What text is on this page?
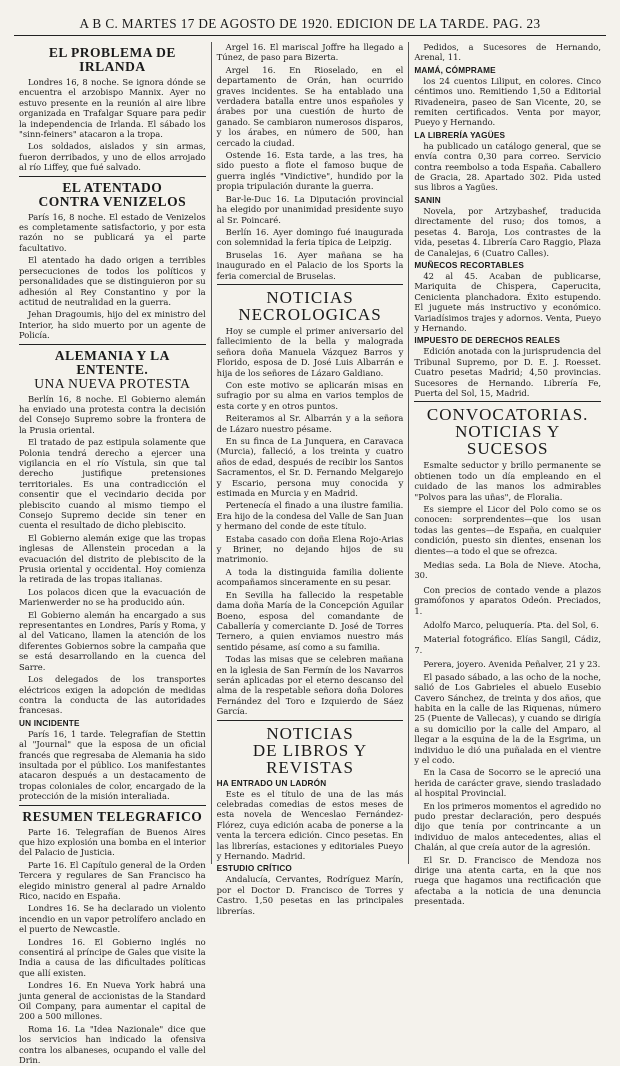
A B C. MARTES 17 DE AGOSTO DE 1920. EDICION DE LA TARDE. PAG. 23
EL PROBLEMA DE IRLANDA

Londres 16, 8 noche. Se ignora dónde se encuentra el arzobispo Mannix. Ayer no estuvo presente en la reunión al aire libre organizada en Trafalgar Square para pedir la independencia de Irlanda. El sábado los "sinn-feiners" atacaron a la tropa.

Los soldados, aislados y sin armas, fueron derribados, y uno de ellos arrojado al río Liffey, que fué salvado.

EL ATENTADO
CONTRA VENIZELOS

París 16, 8 noche. El estado de Venizelos es completamente satisfactorio, y por esta razón no se publicará ya el parte facultativo.

El atentado ha dado origen a terribles persecuciones de todos los políticos y personalidades que se distinguieron por su adhesión al Rey Constantino y por la actitud de neutralidad en la guerra.

Jehan Dragoumis, hijo del ex ministro del Interior, ha sido muerto por un agente de Policía.

ALEMANIA Y LA ENTENTE.
UNA NUEVA PROTESTA

Berlín 16, 8 noche. El Gobierno alemán ha enviado una protesta contra la decisión del Consejo Supremo sobre la frontera de la Prusia oriental.

El tratado de paz estipula solamente que Polonia tendrá derecho a ejercer una vigilancia en el río Vístula, sin que tal derecho justifique pretensiones territoriales. Es una contradicción el consentir que el vecindario decida por plebiscito cuando al mismo tiempo el Consejo Supremo decide sin tener en cuenta el resultado de dicho plebiscito.

El Gobierno alemán exige que las tropas inglesas de Allenstein procedan a la evacuación del distrito de plebiscito de la Prusia oriental y occidental. Hoy comienza la retirada de las tropas italianas.

Los polacos dicen que la evacuación de Marienwerder no se ha producido aún.

El Gobierno alemán ha encargado a sus representantes en Londres, París y Roma, y al del Vaticano, llamen la atención de los diferentes Gobiernos sobre la campaña que se está desarrollando en la cuenca del Sarre.

Los delegados de los transportes eléctricos exigen la adopción de medidas contra la conducta de las autoridades francesas.

UN INCIDENTE

París 16, 1 tarde. Telegrafían de Stettin al "Journal" que la esposa de un oficial francés que regresaba de Alemania ha sido insultada por el público. Los manifestantes atacaron después a un destacamento de tropas coloniales de color, encargado de la protección de la misión interaliada.

RESUMEN TELEGRAFICO

Parte 16. Telegrafían de Buenos Aires que hizo explosión una bomba en el interior del Palacio de Justicia.

Parte 16. El Capítulo general de la Orden Tercera y regulares de San Francisco ha elegido ministro general al padre Arnaldo Rico, nacido en España.

Londres 16. Se ha declarado un violento incendio en un vapor petrolífero anclado en el puerto de Newcastle.

Londres 16. El Gobierno inglés no consentirá al príncipe de Gales que visite la India a causa de las dificultades políticas que allí existen.

Londres 16. En Nueva York habrá una junta general de accionistas de la Standard Oil Company, para aumentar el capital de 200 a 500 millones.

Roma 16. La "Idea Nazionale" dice que los servicios han indicado la ofensiva contra los albaneses, ocupando el valle del Drin.

Argel 16. El mariscal Joffre ha llegado a Túnez, de paso para Bizerta.

Argel 16. En Rioselado, en el departamento de Orán, han ocurrido graves incidentes. Se ha entablado una verdadera batalla entre unos españoles y árabes por una cuestión de hurto de ganado. Se cambiaron numerosos disparos, y los árabes, en número de 500, han cercado la ciudad.

Ostende 16. Esta tarde, a las tres, ha sido puesto a flote el famoso buque de guerra inglés "Vindictive", hundido por la propia tripulación durante la guerra.

Bar-le-Duc 16. La Diputación provincial ha elegido por unanimidad presidente suyo al Sr. Poincaré.

Berlín 16. Ayer domingo fué inaugurada con solemnidad la feria típica de Leipzig.

Bruselas 16. Ayer mañana se ha inaugurado en el Palacio de los Sports la feria comercial de Bruselas.

NOTICIAS
NECROLOGICAS

Hoy se cumple el primer aniversario del fallecimiento de la bella y malograda señora doña Manuela Vázquez Barros y Florido, esposa de D. José Luis Albarrán e hija de los señores de Lázaro Galdiano.

Con este motivo se aplicarán misas en sufragio por su alma en varios templos de esta corte y en otros puntos.

Reiteramos al Sr. Albarrán y a la señora de Lázaro nuestro pésame.

En su finca de La Junquera, en Caravaca (Murcia), falleció, a los treinta y cuatro años de edad, después de recibir los Santos Sacramentos, el Sr. D. Fernando Melgarejo y Escario, persona muy conocida y estimada en Murcia y en Madrid.

Pertenecía el finado a una ilustre familia. Era hijo de la condesa del Valle de San Juan y hermano del conde de este título.

Estaba casado con doña Elena Rojo-Arias y Briner, no dejando hijos de su matrimonio.

A toda la distinguida familia doliente acompañamos sinceramente en su pesar.

En Sevilla ha fallecido la respetable dama doña María de la Concepción Aguilar Boeno, esposa del comandante de Caballería y comerciante D. José de Torres Ternero, a quien enviamos nuestro más sentido pésame, así como a su familia.

Todas las misas que se celebren mañana en la iglesia de San Fermín de los Navarros serán aplicadas por el eterno descanso del alma de la respetable señora doña Dolores Fernández del Toro e Izquierdo de Sáez García.

NOTICIAS
DE LIBROS Y REVISTAS
HA ENTRADO UN LADRÓN

Este es el título de una de las más celebradas comedias de estos meses de esta novela de Wenceslao Fernández-Flórez, cuya edición acaba de ponerse a la venta la tercera edición. Cinco pesetas. En las librerías, estaciones y editoriales Pueyo y Hernando. Madrid.

ESTUDIO CRÍTICO

Andalucía, Cervantes, Rodríguez Marín, por el Doctor D. Francisco de Torres y Castro. 1,50 pesetas en las principales librerías.

Pedidos, a Sucesores de Hernando, Arenal, 11.

MAMÁ, CÓMPRAME

los 24 cuentos Liliput, en colores. Cinco céntimos uno. Remitiendo 1,50 a Editorial Rivadeneira, paseo de San Vicente, 20, se remiten certificados. Venta por mayor, Pueyo y Hernando.

LA LIBRERÍA YAGÜES

ha publicado un catálogo general, que se envía contra 0,30 para correo. Servicio contra reembolso a toda España. Caballero de Gracia, 28. Apartado 302. Pida usted sus libros a Yagües.

SANIN

Novela, por Artzybashef, traducida directamente del ruso; dos tomos, a pesetas 4. Baroja, Los contrastes de la vida, pesetas 4. Librería Caro Raggio, Plaza de Canalejas, 6 (Cuatro Calles).

MUÑECOS RECORTABLES

42 al 45. Acaban de publicarse, Mariquita de Chispera, Caperucita, Cenicienta planchadora. Éxito estupendo. El juguete más instructivo y económico. Variadísimos trajes y adornos. Venta, Pueyo y Hernando.

IMPUESTO DE DERECHOS REALES

Edición anotada con la jurisprudencia del Tribunal Supremo, por D. E. J. Roesset. Cuatro pesetas Madrid; 4,50 provincias. Sucesores de Hernando. Librería Fe, Puerta del Sol, 15, Madrid.

CONVOCATORIAS.
NOTICIAS Y SUCESOS

Esmalte seductor y brillo permanente se obtienen todo un día empleando en el cuidado de las manos los admirables "Polvos para las uñas", de Floralia.

Es siempre el Licor del Polo como se os conocen: sorprendentes—que los usan todas las gentes—de España, en cualquier condición, puesto sin dientes, ensenan los dientes—a todo el que se ofrezca.

Medias seda. La Bola de Nieve. Atocha, 30.

Con precios de contado vende a plazos gramófonos y aparatos Odeón. Preciados, 1.

Adolfo Marco, peluquería. Pta. del Sol, 6.

Material fotográfico. Elías Sangil, Cádiz, 7.

Perera, joyero. Avenida Peñalver, 21 y 23.

El pasado sábado, a las ocho de la noche, salió de Los Gabrieles el abuelo Eusebio Cavero Sánchez, de treinta y dos años, que habita en la calle de las Riquenas, número 25 (Puente de Vallecas), y cuando se dirigía a su domicilio por la calle del Amparo, al llegar a la esquina de la de la Esgrima, un individuo le dió una puñalada en el vientre y el codo.

En la Casa de Socorro se le apreció una herida de carácter grave, siendo trasladado al hospital Provincial.

En los primeros momentos el agredido no pudo prestar declaración, pero después dijo que tenía por contrincante a un individuo de malos antecedentes, alias el Chalán, al que creía autor de la agresión.

El Sr. D. Francisco de Mendoza nos dirige una atenta carta, en la que nos ruega que hagamos una rectificación que afectaba a la noticia de una denuncia presentada.
